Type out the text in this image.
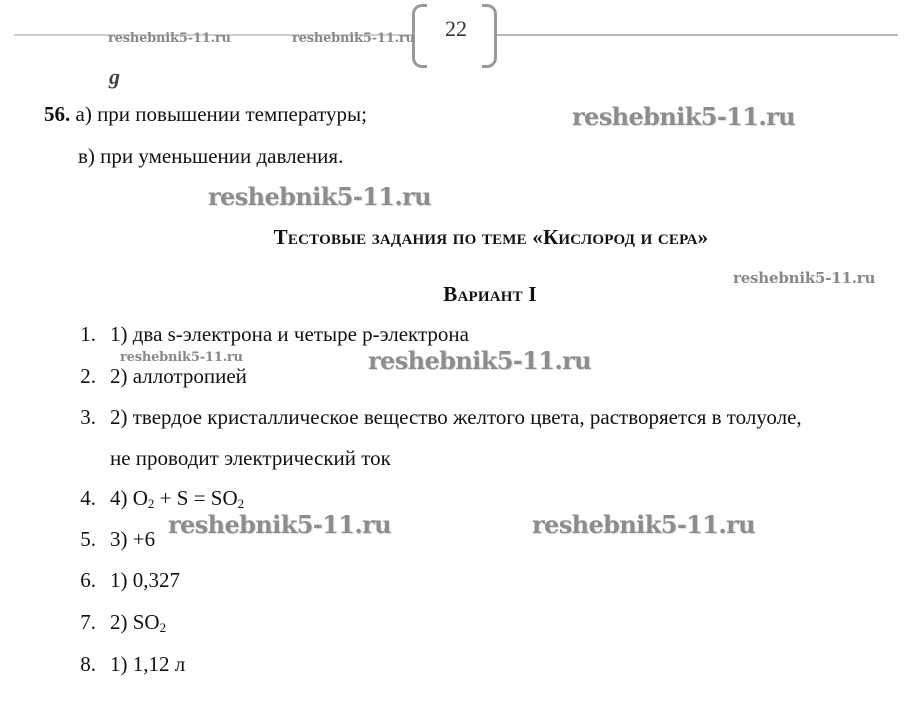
22
reshebnik5-11.ru	reshebnik5-11.ru
g
56. а) при повышении температуры;	reshebnik5-11.ru
в) при уменьшении давления.
reshebnik5-11.ru
Тестовые задания по теме «Кислород и сера»
reshebnik5-11.ru
Вариант I
1. 1) два s-электрона и четыре р-электрона
reshebnik5-11.ru	reshebnik5-11.ru
2. 2) аллотропией
3. 2) твердое кристаллическое вещество желтого цвета, растворяется в толуоле,
не проводит электрический ток
4. 4) $O_2 + S = SO_2$
5. 3) +6 reshebnik5-11.ru	reshebnik5-11.ru
6. 1) 0,327
7. 2) $SO_2$
8. 1) 1,12 л
